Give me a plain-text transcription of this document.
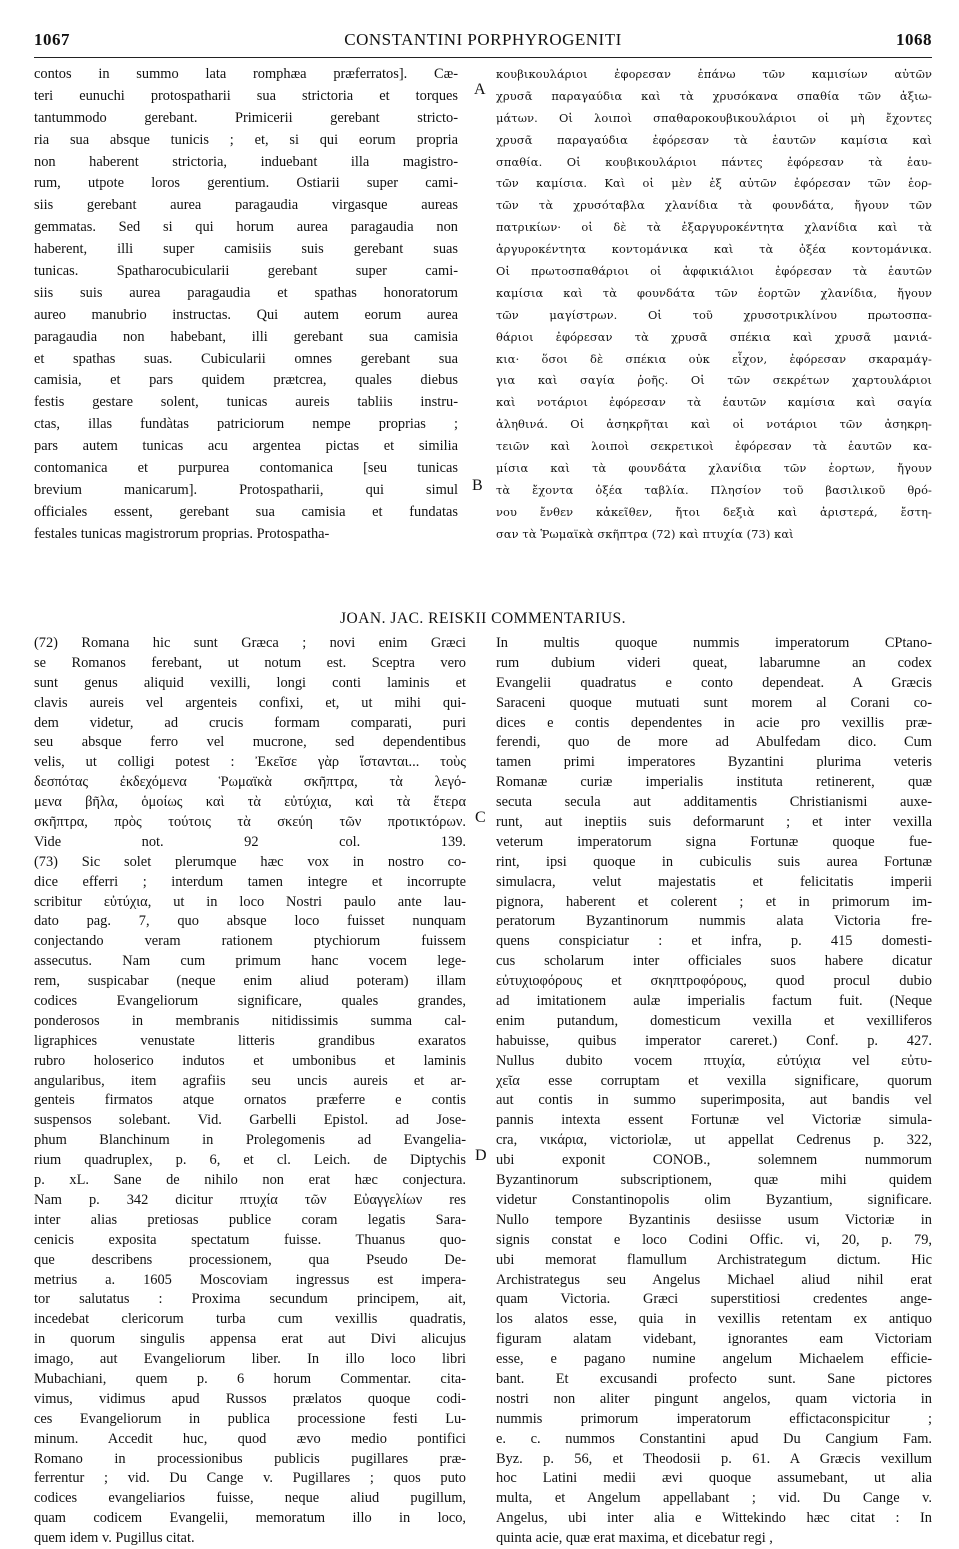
1067	CONSTANTINI PORPHYROGENITI	1068
contos in summo lata romphæa præferratos]. Cæ-
teri eunuchi protospatharii sua strictoria et torques
tantummodo gerebant. Primicerii gerebant stricto-
ria sua absque tunicis ; et, si qui eorum propria
non haberent strictoria, induebant illa magistro-
rum, utpote loros gerentium. Ostiarii super cami-
siis gerebant aurea paragaudia virgasque aureas
gemmatas. Sed si qui horum aurea paragaudia non
haberent, illi super camisiis suis gerebant suas
tunicas. Spatharocubicularii gerebant super cami-
siis suis aurea paragaudia et spathas honoratorum
aureo manubrio instructas. Qui autem eorum aurea
paragaudia non habebant, illi gerebant sua camisia
et spathas suas. Cubicularii omnes gerebant sua
camisia, et pars quidem prætcrea, quales diebus
festis gestare solent, tunicas aureis tabliis instru-
ctas, illas fundàtas patriciorum nempe proprias ;
pars autem tunicas acu argentea pictas et similia
contomanica et purpurea contomanica [seu tunicas
brevium manicarum]. Protospatharii, qui simul
officiales essent, gerebant sua camisia et fundatas
festales tunicas magistrorum proprias. Protospatha-
κουβικουλάριοι ἐφορεσαν ἐπάνω τῶν καμισίων αὐτῶν
χρυσᾶ παραγαύδια καὶ τὰ χρυσόκανα σπαθία τῶν ἀξιω-
μάτων. Οἱ λοιποὶ σπαθαροκουβικουλάριοι οἱ μὴ ἔχοντες
χρυσᾶ παραγαύδια ἐφόρεσαν τὰ ἑαυτῶν καμίσια καὶ
σπαθία. Οἱ κουβικουλάριοι πάντες ἐφόρεσαν τὰ ἑαυ-
τῶν καμίσια. Καὶ οἱ μὲν ἐξ αὐτῶν ἐφόρεσαν τῶν ἑορ-
τῶν τὰ χρυσόταβλα χλανίδια τὰ φουνδάτα, ἤγουν τῶν
πατρικίων· οἱ δὲ τὰ ἐξαργυροκέντητα χλανίδια καὶ τὰ
ἀργυροκέντητα κοντομάνικα καὶ τὰ ὀξέα κοντομάνικα.
Οἱ πρωτοσπαθάριοι οἱ ἀφφικιάλιοι ἐφόρεσαν τὰ ἑαυτῶν
καμίσια καὶ τὰ φουνδάτα τῶν ἑορτῶν χλανίδια, ἤγουν
τῶν μαγίστρων. Οἱ τοῦ χρυσοτρικλίνου πρωτοσπα-
θάριοι ἐφόρεσαν τὰ χρυσᾶ σπέκια καὶ χρυσᾶ μανιά-
κια· ὅσοι δὲ σπέκια οὐκ εἶχον, ἐφόρεσαν σκαραμάγ-
για καὶ σαγία ῥοῆς. Οἱ τῶν σεκρέτων χαρτουλάριοι
καὶ νοτάριοι ἐφόρεσαν τὰ ἑαυτῶν καμίσια καὶ σαγία
ἀληθινά. Οἱ ἀσηκρῆται καὶ οἱ νοτάριοι τῶν ἀσηκρη-
τειῶν καὶ λοιποὶ σεκρετικοὶ ἐφόρεσαν τὰ ἑαυτῶν κα-
μίσια καὶ τὰ φουνδάτα χλανίδια τῶν ἑορτων, ἤγουν
τὰ ἔχοντα ὀξέα ταβλία. Πλησίον τοῦ βασιλικοῦ θρό-
νου ἔνθεν κἀκεῖθεν, ἤτοι δεξιὰ καὶ ἀριστερά, ἔστη-
σαν τὰ Ῥωμαϊκὰ σκῆπτρα (72) καὶ πτυχία (73) καὶ
A
B
C
D
JOAN. JAC. REISKII COMMENTARIUS.
(72) Romana hic sunt Græca ; novi enim Græci
se Romanos ferebant, ut notum est. Sceptra vero
sunt genus aliquid vexilli, longi conti laminis et
clavis aureis vel argenteis confixi, et, ut mihi qui-
dem videtur, ad crucis formam comparati, puri
seu absque ferro vel mucrone, sed dependentibus
velis, ut colligi potest : Ἐκεῖσε γὰρ ἵστανται... τοὺς
δεσπότας ἐκδεχόμενα Ῥωμαϊκὰ σκῆπτρα, τὰ λεγό-
μενα βῆλα, ὁμοίως καὶ τὰ εὐτύχια, καὶ τὰ ἕτερα
σκῆπτρα, πρὸς τούτοις τὰ σκεύη τῶν προτικτόρων.
Vide not. 92 col. 139.
(73) Sic solet plerumque hæc vox in nostro co-
dice efferri ; interdum tamen integre et incorrupte
scribitur εὐτύχια, ut in loco Nostri paulo ante lau-
dato pag. 7, quo absque loco fuisset nunquam
conjectando veram rationem ptychiorum fuissem
assecutus. Nam cum primum hanc vocem lege-
rem, suspicabar (neque enim aliud poteram) illam
codices Evangeliorum significare, quales grandes,
ponderosos in membranis nitidissimis summa cal-
ligraphices venustate litteris grandibus exaratos
rubro holoserico indutos et umbonibus et laminis
angularibus, item agrafiis seu uncis aureis et ar-
genteis firmatos atque ornatos præferre e contis
suspensos solebant. Vid. Garbelli Epistol. ad Jose-
phum Blanchinum in Prolegomenis ad Evangelia-
rium quadruplex, p. 6, et cl. Leich. de Diptychis
p. xL. Sane de nihilo non erat hæc conjectura.
Nam p. 342 dicitur πτυχία τῶν Εὐαγγελίων res
inter alias pretiosas publice coram legatis Sara-
cenicis exposita spectatum fuisse. Thuanus quo-
que describens processionem, qua Pseudo De-
metrius a. 1605 Moscoviam ingressus est impera-
tor salutatus : Proxima secundum principem, ait,
incedebat clericorum turba cum vexillis quadratis,
in quorum singulis appensa erat aut Divi alicujus
imago, aut Evangeliorum liber. In illo loco libri
Mubachiani, quem p. 6 horum Commentar. cita-
vimus, vidimus apud Russos prælatos quoque codi-
ces Evangeliorum in publica processione festi Lu-
minum. Accedit huc, quod ævo medio pontifici
Romano in processionibus publicis pugillares præ-
ferrentur ; vid. Du Cange v. Pugillares ; quos puto
codices evangeliarios fuisse, neque aliud pugillum,
quam codicem Evangelii, memoratum illo in loco,
quem idem v. Pugillus citat.
In multis quoque nummis imperatorum CPtano-
rum dubium videri queat, labarumne an codex
Evangelii quadratus e conto dependeat. A Græcis
Saraceni quoque mutuati sunt morem al Corani co-
dices e contis dependentes in acie pro vexillis præ-
ferendi, quo de more ad Abulfedam dico. Cum
tamen primi imperatores Byzantini plurima veteris
Romanæ curiæ imperialis instituta retinerent, quæ
secuta secula aut additamentis Christianismi auxe-
runt, aut ineptiis suis deformarunt ; et inter vexilla
veterum imperatorum signa Fortunæ quoque fue-
rint, ipsi quoque in cubiculis suis aurea Fortunæ
simulacra, velut majestatis et felicitatis imperii
pignora, haberent et colerent ; et in primorum im-
peratorum Byzantinorum nummis alata Victoria fre-
quens conspiciatur : et infra, p. 415 domesti-
cus scholarum inter officiales suos habere dicatur
εὐτυχιοφόρους et σκηπτροφόρους, quod procul dubio
ad imitationem aulæ imperialis factum fuit. (Neque
enim putandum, domesticum vexilla et vexilliferos
habuisse, quibus imperator careret.) Conf. p. 427.
Nullus dubito vocem πτυχία, εὐτύχια vel εὐτυ-
χεῖα esse corruptam et vexilla significare, quorum
aut contis in summo superimposita, aut bandis vel
pannis intexta essent Fortunæ vel Victoriæ simula-
cra, νικάρια, victoriolæ, ut appellat Cedrenus p. 322,
ubi exponit CONOB., solemnem nummorum
Byzantinorum subscriptionem, quæ mihi quidem
videtur Constantinopolis olim Byzantium, significare.
Nullo tempore Byzantinis desiisse usum Victoriæ in
signis constat e loco Codini Offic. vi, 20, p. 79,
ubi memorat flamullum Archistrategum dictum. Hic
Archistrategus seu Angelus Michael aliud nihil erat
quam Victoria. Græci superstitiosi credentes ange-
los alatos esse, quia in vexillis retentam ex antiquo
figuram alatam videbant, ignorantes eam Victoriam
esse, e pagano numine angelum Michaelem efficie-
bant. Et excusandi profecto sunt. Sane pictores
nostri non aliter pingunt angelos, quam victoria in
nummis primorum imperatorum effictaconspicitur ;
e. c. nummos Constantini apud Du Cangium Fam.
Byz. p. 56, et Theodosii p. 61. A Græcis vexillum
hoc Latini medii ævi quoque assumebant, ut alia
multa, et Angelum appellabant ; vid. Du Cange v.
Angelus, ubi inter alia e Wittekindo hæc citat : In
quinta acie, quæ erat maxima, et dicebatur regi ,
